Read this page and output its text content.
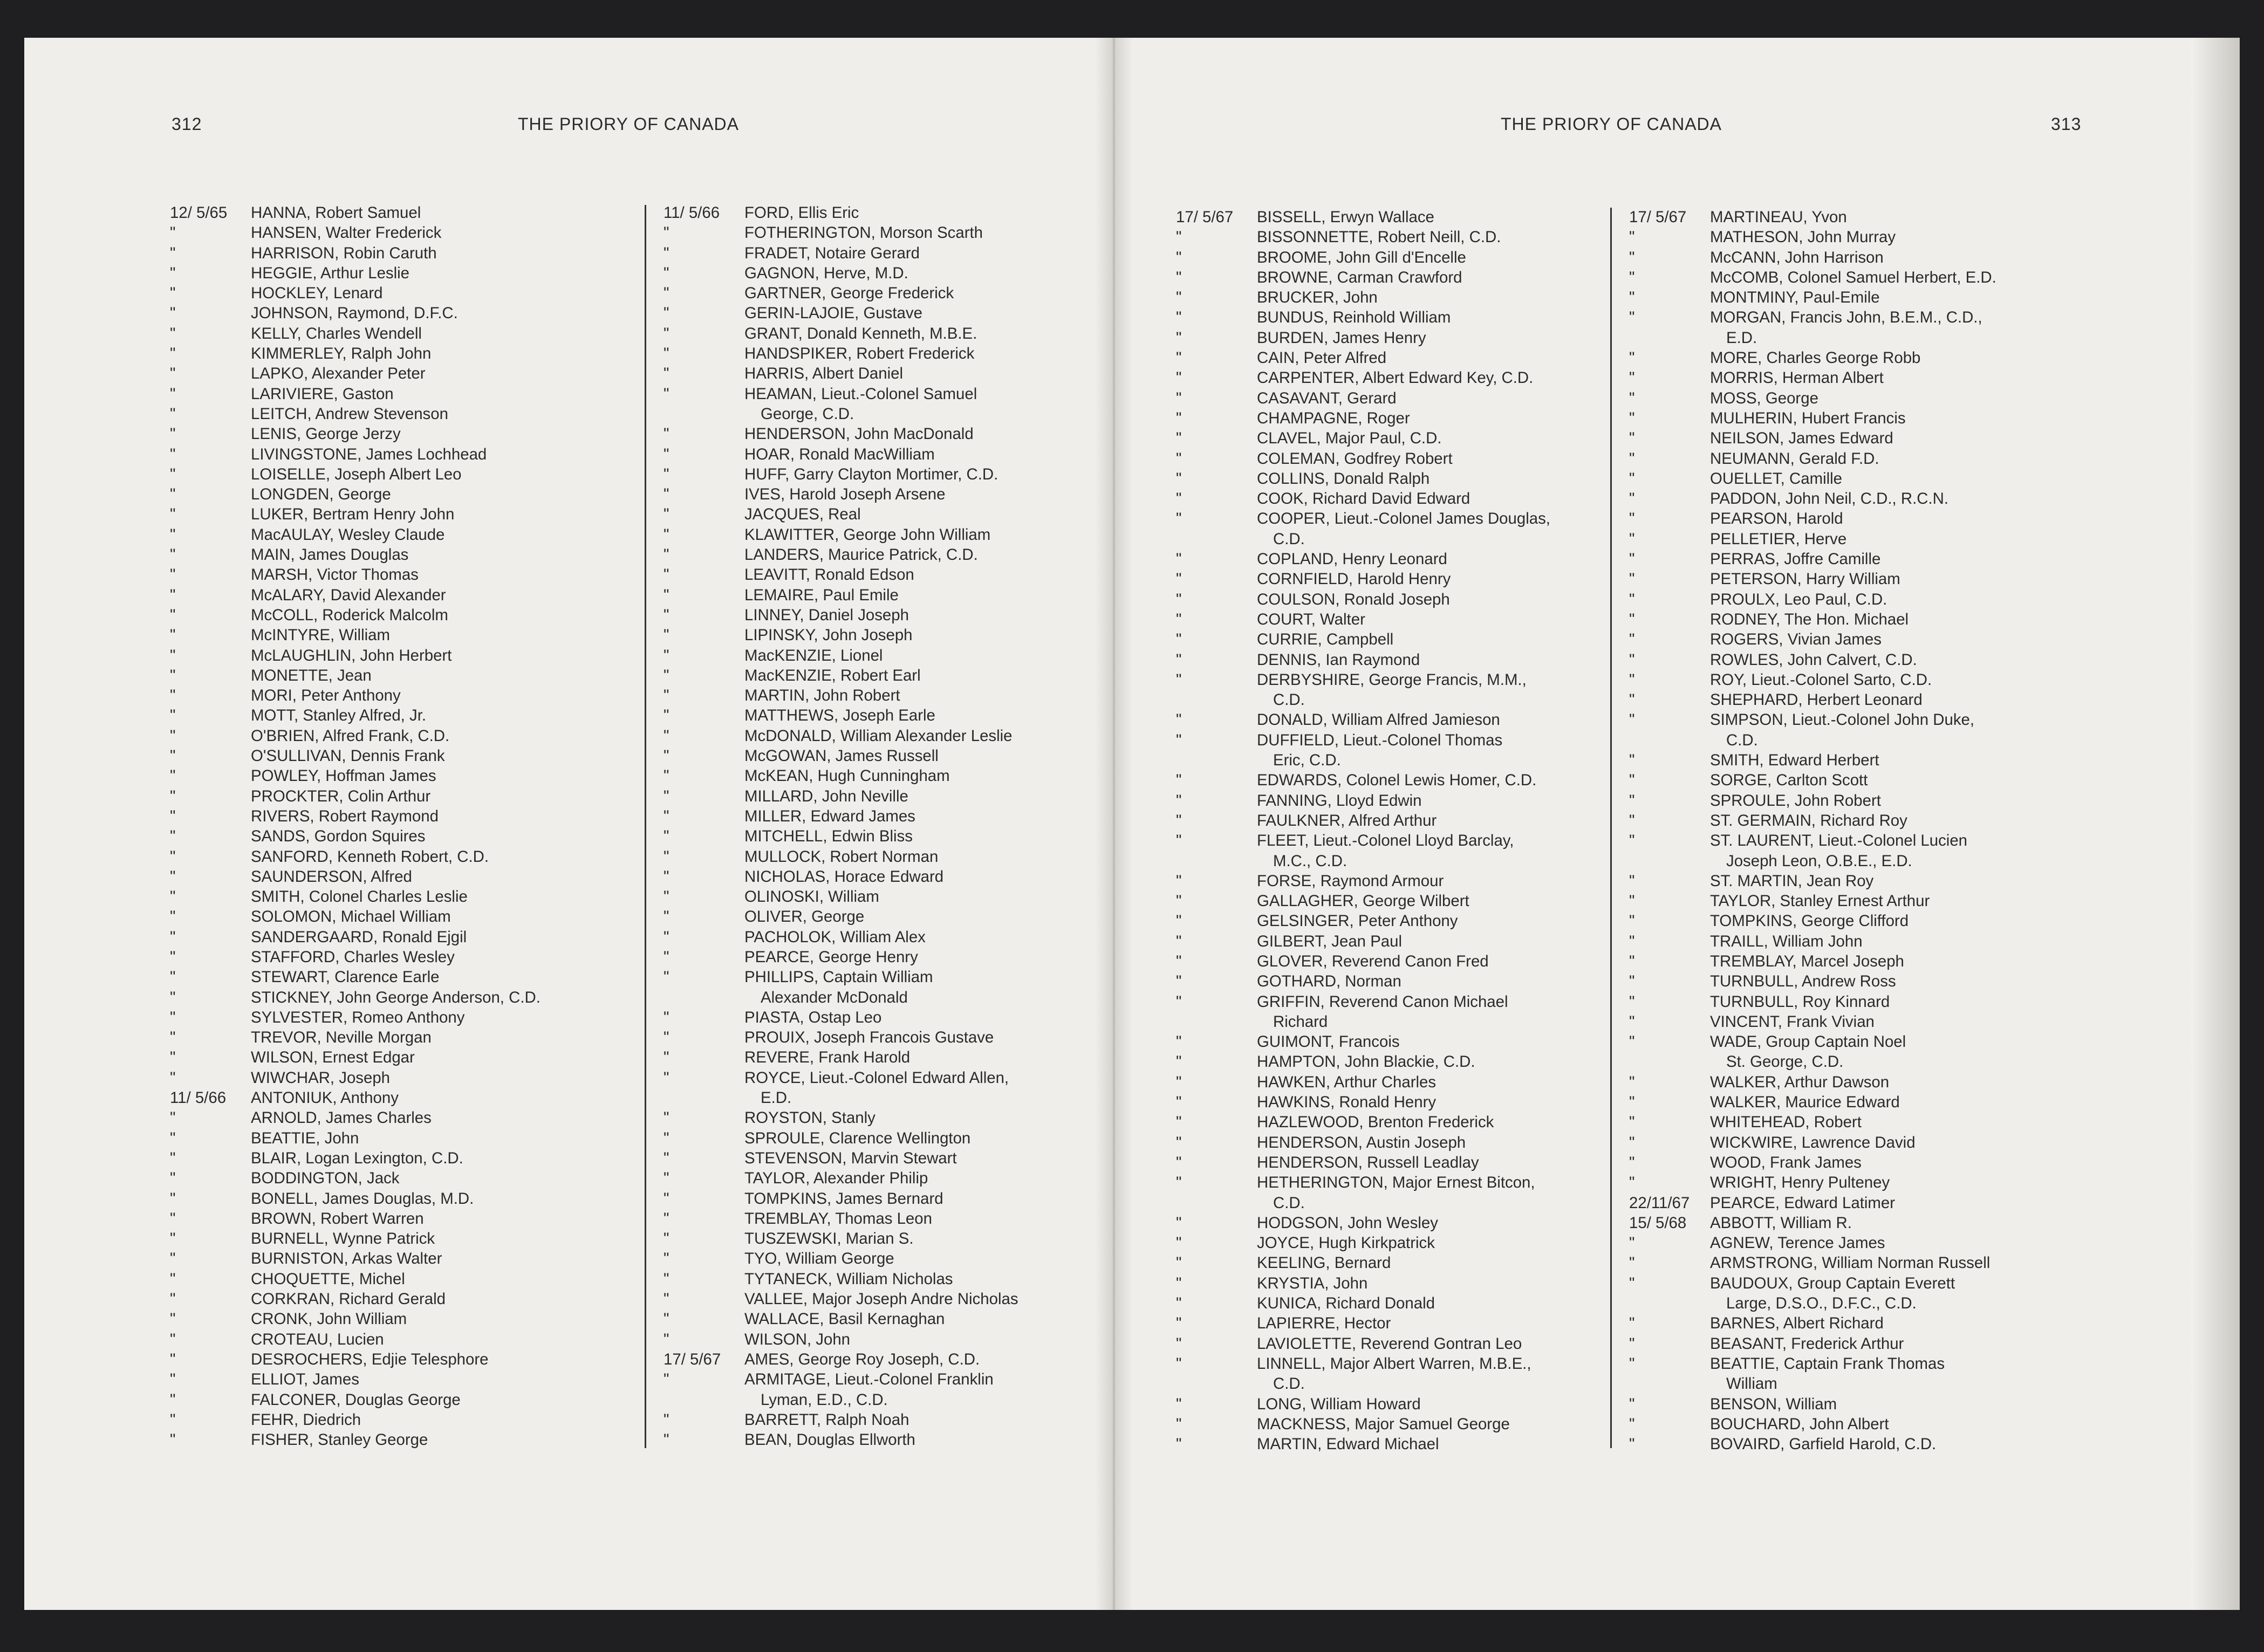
312	THE PRIORY OF CANADA	THE PRIORY OF CANADA	313
12/ 5/65	HANNA, Robert Samuel
"	HANSEN, Walter Frederick
"	HARRISON, Robin Caruth
"	HEGGIE, Arthur Leslie
"	HOCKLEY, Lenard
"	JOHNSON, Raymond, D.F.C.
"	KELLY, Charles Wendell
"	KIMMERLEY, Ralph John
"	LAPKO, Alexander Peter
"	LARIVIERE, Gaston
"	LEITCH, Andrew Stevenson
"	LENIS, George Jerzy
"	LIVINGSTONE, James Lochhead
"	LOISELLE, Joseph Albert Leo
"	LONGDEN, George
"	LUKER, Bertram Henry John
"	MacAULAY, Wesley Claude
"	MAIN, James Douglas
"	MARSH, Victor Thomas
"	McALARY, David Alexander
"	McCOLL, Roderick Malcolm
"	McINTYRE, William
"	McLAUGHLIN, John Herbert
"	MONETTE, Jean
"	MORI, Peter Anthony
"	MOTT, Stanley Alfred, Jr.
"	O'BRIEN, Alfred Frank, C.D.
"	O'SULLIVAN, Dennis Frank
"	POWLEY, Hoffman James
"	PROCKTER, Colin Arthur
"	RIVERS, Robert Raymond
"	SANDS, Gordon Squires
"	SANFORD, Kenneth Robert, C.D.
"	SAUNDERSON, Alfred
"	SMITH, Colonel Charles Leslie
"	SOLOMON, Michael William
"	SANDERGAARD, Ronald Ejgil
"	STAFFORD, Charles Wesley
"	STEWART, Clarence Earle
"	STICKNEY, John George Anderson, C.D.
"	SYLVESTER, Romeo Anthony
"	TREVOR, Neville Morgan
"	WILSON, Ernest Edgar
"	WIWCHAR, Joseph
11/ 5/66	ANTONIUK, Anthony
"	ARNOLD, James Charles
"	BEATTIE, John
"	BLAIR, Logan Lexington, C.D.
"	BODDINGTON, Jack
"	BONELL, James Douglas, M.D.
"	BROWN, Robert Warren
"	BURNELL, Wynne Patrick
"	BURNISTON, Arkas Walter
"	CHOQUETTE, Michel
"	CORKRAN, Richard Gerald
"	CRONK, John William
"	CROTEAU, Lucien
"	DESROCHERS, Edjie Telesphore
"	ELLIOT, James
"	FALCONER, Douglas George
"	FEHR, Diedrich
"	FISHER, Stanley George
11/ 5/66	FORD, Ellis Eric
"	FOTHERINGTON, Morson Scarth
"	FRADET, Notaire Gerard
"	GAGNON, Herve, M.D.
"	GARTNER, George Frederick
"	GERIN-LAJOIE, Gustave
"	GRANT, Donald Kenneth, M.B.E.
"	HANDSPIKER, Robert Frederick
"	HARRIS, Albert Daniel
"	HEAMAN, Lieut.-Colonel Samuel
George, C.D.
"	HENDERSON, John MacDonald
"	HOAR, Ronald MacWilliam
"	HUFF, Garry Clayton Mortimer, C.D.
"	IVES, Harold Joseph Arsene
"	JACQUES, Real
"	KLAWITTER, George John William
"	LANDERS, Maurice Patrick, C.D.
"	LEAVITT, Ronald Edson
"	LEMAIRE, Paul Emile
"	LINNEY, Daniel Joseph
"	LIPINSKY, John Joseph
"	MacKENZIE, Lionel
"	MacKENZIE, Robert Earl
"	MARTIN, John Robert
"	MATTHEWS, Joseph Earle
"	McDONALD, William Alexander Leslie
"	McGOWAN, James Russell
"	McKEAN, Hugh Cunningham
"	MILLARD, John Neville
"	MILLER, Edward James
"	MITCHELL, Edwin Bliss
"	MULLOCK, Robert Norman
"	NICHOLAS, Horace Edward
"	OLINOSKI, William
"	OLIVER, George
"	PACHOLOK, William Alex
"	PEARCE, George Henry
"	PHILLIPS, Captain William
Alexander McDonald
"	PIASTA, Ostap Leo
"	PROUIX, Joseph Francois Gustave
"	REVERE, Frank Harold
"	ROYCE, Lieut.-Colonel Edward Allen,
E.D.
"	ROYSTON, Stanly
"	SPROULE, Clarence Wellington
"	STEVENSON, Marvin Stewart
"	TAYLOR, Alexander Philip
"	TOMPKINS, James Bernard
"	TREMBLAY, Thomas Leon
"	TUSZEWSKI, Marian S.
"	TYO, William George
"	TYTANECK, William Nicholas
"	VALLEE, Major Joseph Andre Nicholas
"	WALLACE, Basil Kernaghan
"	WILSON, John
17/ 5/67	AMES, George Roy Joseph, C.D.
"	ARMITAGE, Lieut.-Colonel Franklin
Lyman, E.D., C.D.
"	BARRETT, Ralph Noah
"	BEAN, Douglas Ellworth
17/ 5/67	BISSELL, Erwyn Wallace
"	BISSONNETTE, Robert Neill, C.D.
"	BROOME, John Gill d'Encelle
"	BROWNE, Carman Crawford
"	BRUCKER, John
"	BUNDUS, Reinhold William
"	BURDEN, James Henry
"	CAIN, Peter Alfred
"	CARPENTER, Albert Edward Key, C.D.
"	CASAVANT, Gerard
"	CHAMPAGNE, Roger
"	CLAVEL, Major Paul, C.D.
"	COLEMAN, Godfrey Robert
"	COLLINS, Donald Ralph
"	COOK, Richard David Edward
"	COOPER, Lieut.-Colonel James Douglas,
C.D.
"	COPLAND, Henry Leonard
"	CORNFIELD, Harold Henry
"	COULSON, Ronald Joseph
"	COURT, Walter
"	CURRIE, Campbell
"	DENNIS, Ian Raymond
"	DERBYSHIRE, George Francis, M.M.,
C.D.
"	DONALD, William Alfred Jamieson
"	DUFFIELD, Lieut.-Colonel Thomas
Eric, C.D.
"	EDWARDS, Colonel Lewis Homer, C.D.
"	FANNING, Lloyd Edwin
"	FAULKNER, Alfred Arthur
"	FLEET, Lieut.-Colonel Lloyd Barclay,
M.C., C.D.
"	FORSE, Raymond Armour
"	GALLAGHER, George Wilbert
"	GELSINGER, Peter Anthony
"	GILBERT, Jean Paul
"	GLOVER, Reverend Canon Fred
"	GOTHARD, Norman
"	GRIFFIN, Reverend Canon Michael
Richard
"	GUIMONT, Francois
"	HAMPTON, John Blackie, C.D.
"	HAWKEN, Arthur Charles
"	HAWKINS, Ronald Henry
"	HAZLEWOOD, Brenton Frederick
"	HENDERSON, Austin Joseph
"	HENDERSON, Russell Leadlay
"	HETHERINGTON, Major Ernest Bitcon,
C.D.
"	HODGSON, John Wesley
"	JOYCE, Hugh Kirkpatrick
"	KEELING, Bernard
"	KRYSTIA, John
"	KUNICA, Richard Donald
"	LAPIERRE, Hector
"	LAVIOLETTE, Reverend Gontran Leo
"	LINNELL, Major Albert Warren, M.B.E.,
C.D.
"	LONG, William Howard
"	MACKNESS, Major Samuel George
"	MARTIN, Edward Michael
17/ 5/67	MARTINEAU, Yvon
"	MATHESON, John Murray
"	McCANN, John Harrison
"	McCOMB, Colonel Samuel Herbert, E.D.
"	MONTMINY, Paul-Emile
"	MORGAN, Francis John, B.E.M., C.D.,
E.D.
"	MORE, Charles George Robb
"	MORRIS, Herman Albert
"	MOSS, George
"	MULHERIN, Hubert Francis
"	NEILSON, James Edward
"	NEUMANN, Gerald F.D.
"	OUELLET, Camille
"	PADDON, John Neil, C.D., R.C.N.
"	PEARSON, Harold
"	PELLETIER, Herve
"	PERRAS, Joffre Camille
"	PETERSON, Harry William
"	PROULX, Leo Paul, C.D.
"	RODNEY, The Hon. Michael
"	ROGERS, Vivian James
"	ROWLES, John Calvert, C.D.
"	ROY, Lieut.-Colonel Sarto, C.D.
"	SHEPHARD, Herbert Leonard
"	SIMPSON, Lieut.-Colonel John Duke,
C.D.
"	SMITH, Edward Herbert
"	SORGE, Carlton Scott
"	SPROULE, John Robert
"	ST. GERMAIN, Richard Roy
"	ST. LAURENT, Lieut.-Colonel Lucien
Joseph Leon, O.B.E., E.D.
"	ST. MARTIN, Jean Roy
"	TAYLOR, Stanley Ernest Arthur
"	TOMPKINS, George Clifford
"	TRAILL, William John
"	TREMBLAY, Marcel Joseph
"	TURNBULL, Andrew Ross
"	TURNBULL, Roy Kinnard
"	VINCENT, Frank Vivian
"	WADE, Group Captain Noel
St. George, C.D.
"	WALKER, Arthur Dawson
"	WALKER, Maurice Edward
"	WHITEHEAD, Robert
"	WICKWIRE, Lawrence David
"	WOOD, Frank James
"	WRIGHT, Henry Pulteney
22/11/67	PEARCE, Edward Latimer
15/ 5/68	ABBOTT, William R.
"	AGNEW, Terence James
"	ARMSTRONG, William Norman Russell
"	BAUDOUX, Group Captain Everett
Large, D.S.O., D.F.C., C.D.
"	BARNES, Albert Richard
"	BEASANT, Frederick Arthur
"	BEATTIE, Captain Frank Thomas
William
"	BENSON, William
"	BOUCHARD, John Albert
"	BOVAIRD, Garfield Harold, C.D.
